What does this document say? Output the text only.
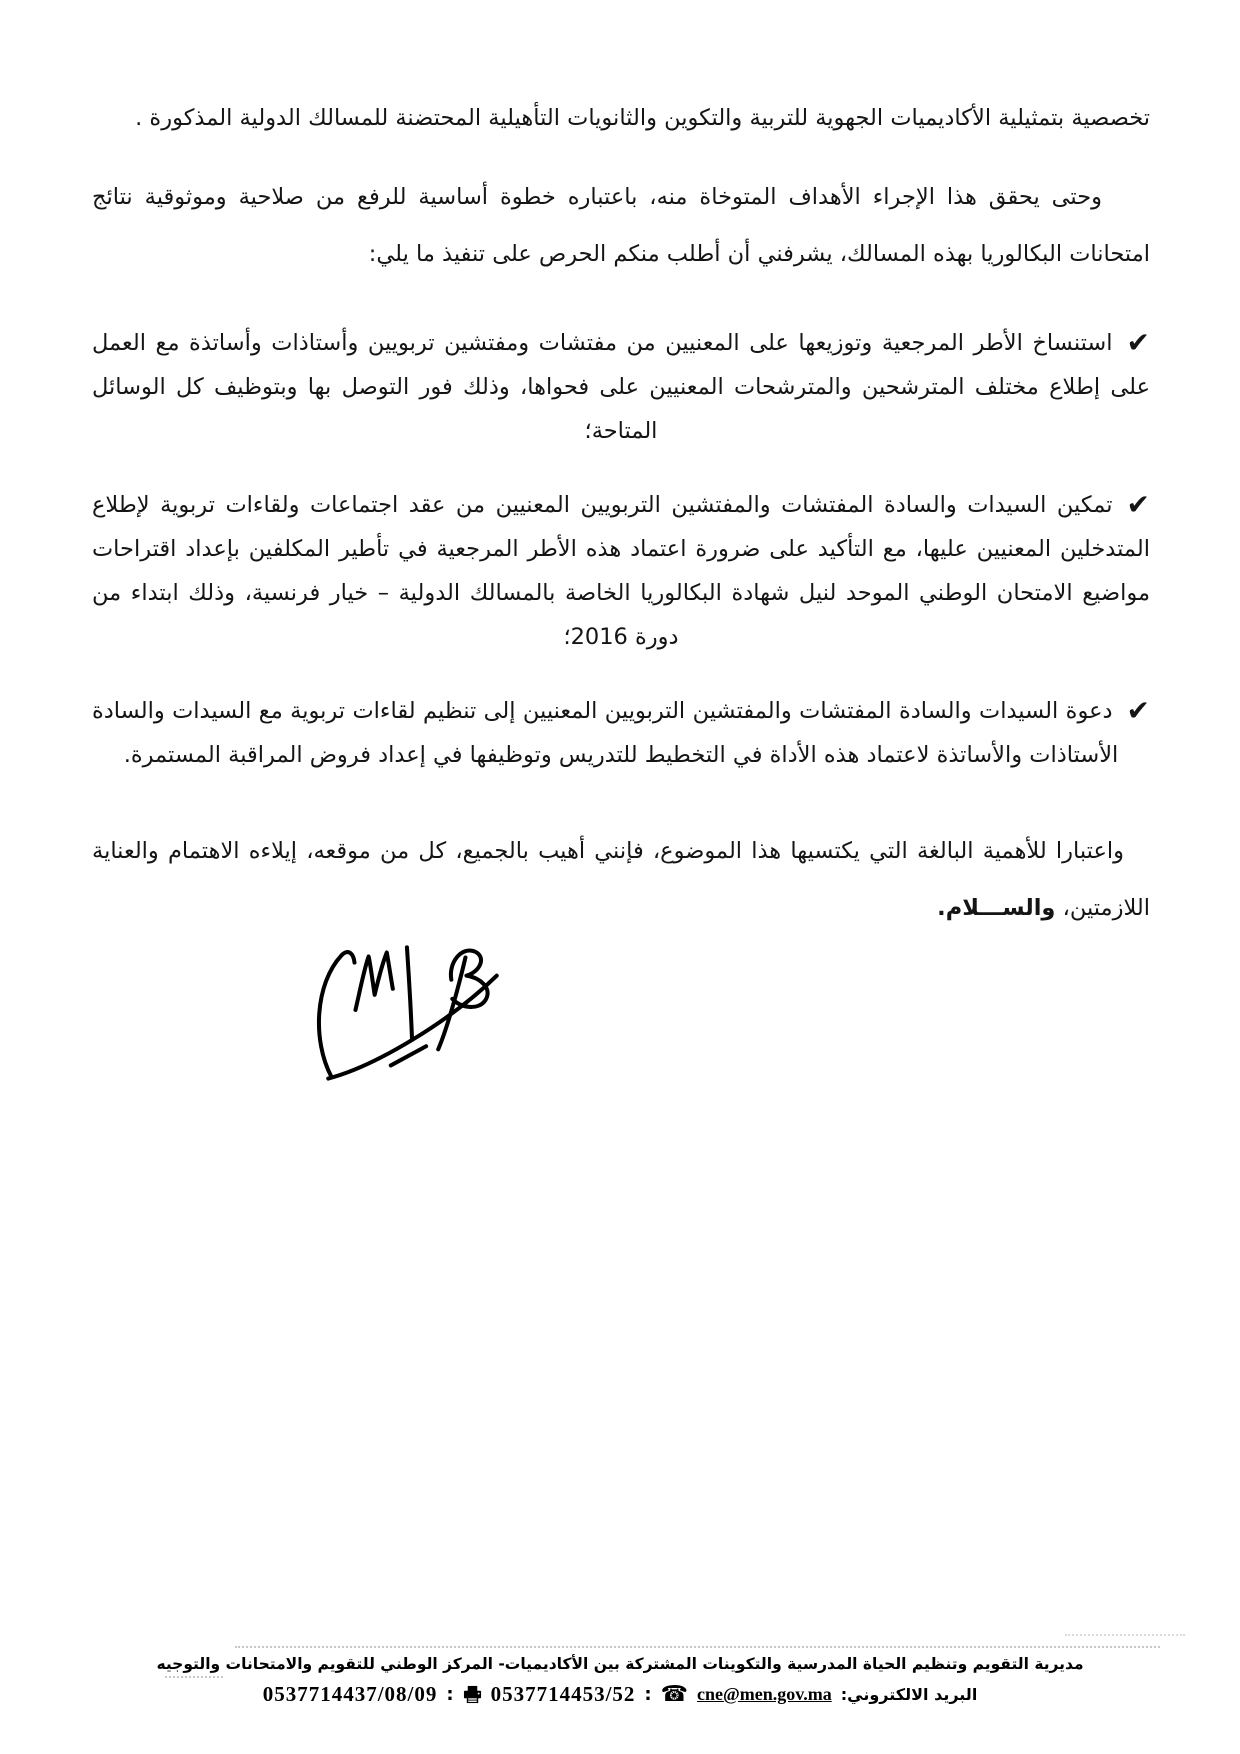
تخصصية بتمثيلية الأكاديميات الجهوية للتربية والتكوين والثانويات التأهيلية المحتضنة للمسالك الدولية المذكورة .

وحتى يحقق هذا الإجراء الأهداف المتوخاة منه، باعتباره خطوة أساسية للرفع من صلاحية وموثوقية نتائج امتحانات البكالوريا بهذه المسالك، يشرفني أن أطلب منكم الحرص على تنفيذ ما يلي:

✔استنساخ الأطر المرجعية وتوزيعها على المعنيين من مفتشات ومفتشين تربويين وأستاذات وأساتذة مع العمل على إطلاع مختلف المترشحين والمترشحات المعنيين على فحواها، وذلك فور التوصل بها وبتوظيف كل الوسائل المتاحة؛
✔تمكين السيدات والسادة المفتشات والمفتشين التربويين المعنيين من عقد اجتماعات ولقاءات تربوية لإطلاع المتدخلين المعنيين عليها، مع التأكيد على ضرورة اعتماد هذه الأطر المرجعية في تأطير المكلفين بإعداد اقتراحات مواضيع الامتحان الوطني الموحد لنيل شهادة البكالوريا الخاصة بالمسالك الدولية – خيار فرنسية، وذلك ابتداء من دورة 2016؛
✔دعوة السيدات والسادة المفتشات والمفتشين التربويين المعنيين إلى تنظيم لقاءات تربوية مع السيدات والسادة الأستاذات والأساتذة لاعتماد هذه الأداة في التخطيط للتدريس وتوظيفها في إعداد فروض المراقبة المستمرة.

واعتبارا للأهمية البالغة التي يكتسيها هذا الموضوع، فإنني أهيب بالجميع، كل من موقعه، إيلاءه الاهتمام والعناية اللازمتين، والســـلام.

مديرية التقويم وتنظيم الحياة المدرسية والتكوينات المشتركة بين الأكاديميات- المركز الوطني للتقويم والامتحانات والتوجيه
البريد الالكتروني:
cne@men.gov.ma
☎
:
0537714453/52
:
0537714437/08/09
